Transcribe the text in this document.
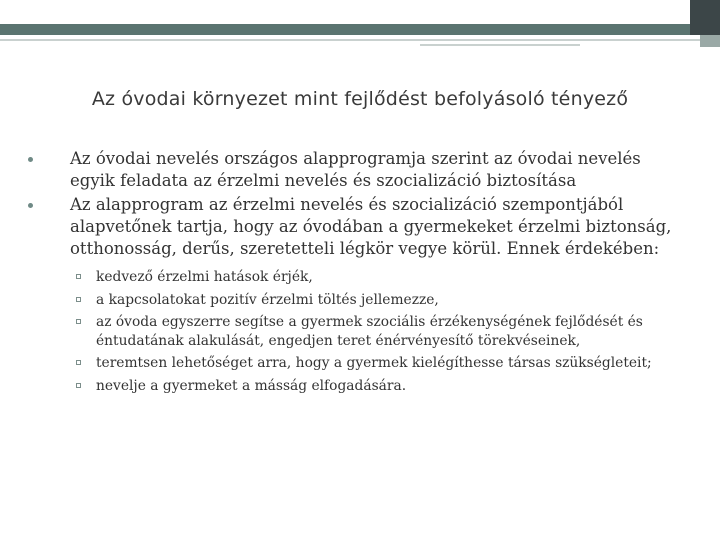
Az óvodai környezet mint fejlődést befolyásoló tényező
Az óvodai nevelés országos alapprogramja szerint az óvodai nevelés egyik feladata az érzelmi nevelés és szocializáció biztosítása
Az alapprogram az érzelmi nevelés és szocializáció szempontjából alapvetőnek tartja, hogy az óvodában a gyermekeket érzelmi biztonság, otthonosság, derűs, szeretetteli légkör vegye körül. Ennek érdekében:
kedvező érzelmi hatások érjék,
a kapcsolatokat pozitív érzelmi töltés jellemezze,
az óvoda egyszerre segítse a gyermek szociális érzékenységének fejlődését és éntudatának alakulását, engedjen teret énérvényesítő törekvéseinek,
teremtsen lehetőséget arra, hogy a gyermek kielégíthesse társas szükségleteit;
nevelje a gyermeket a másság elfogadására.
